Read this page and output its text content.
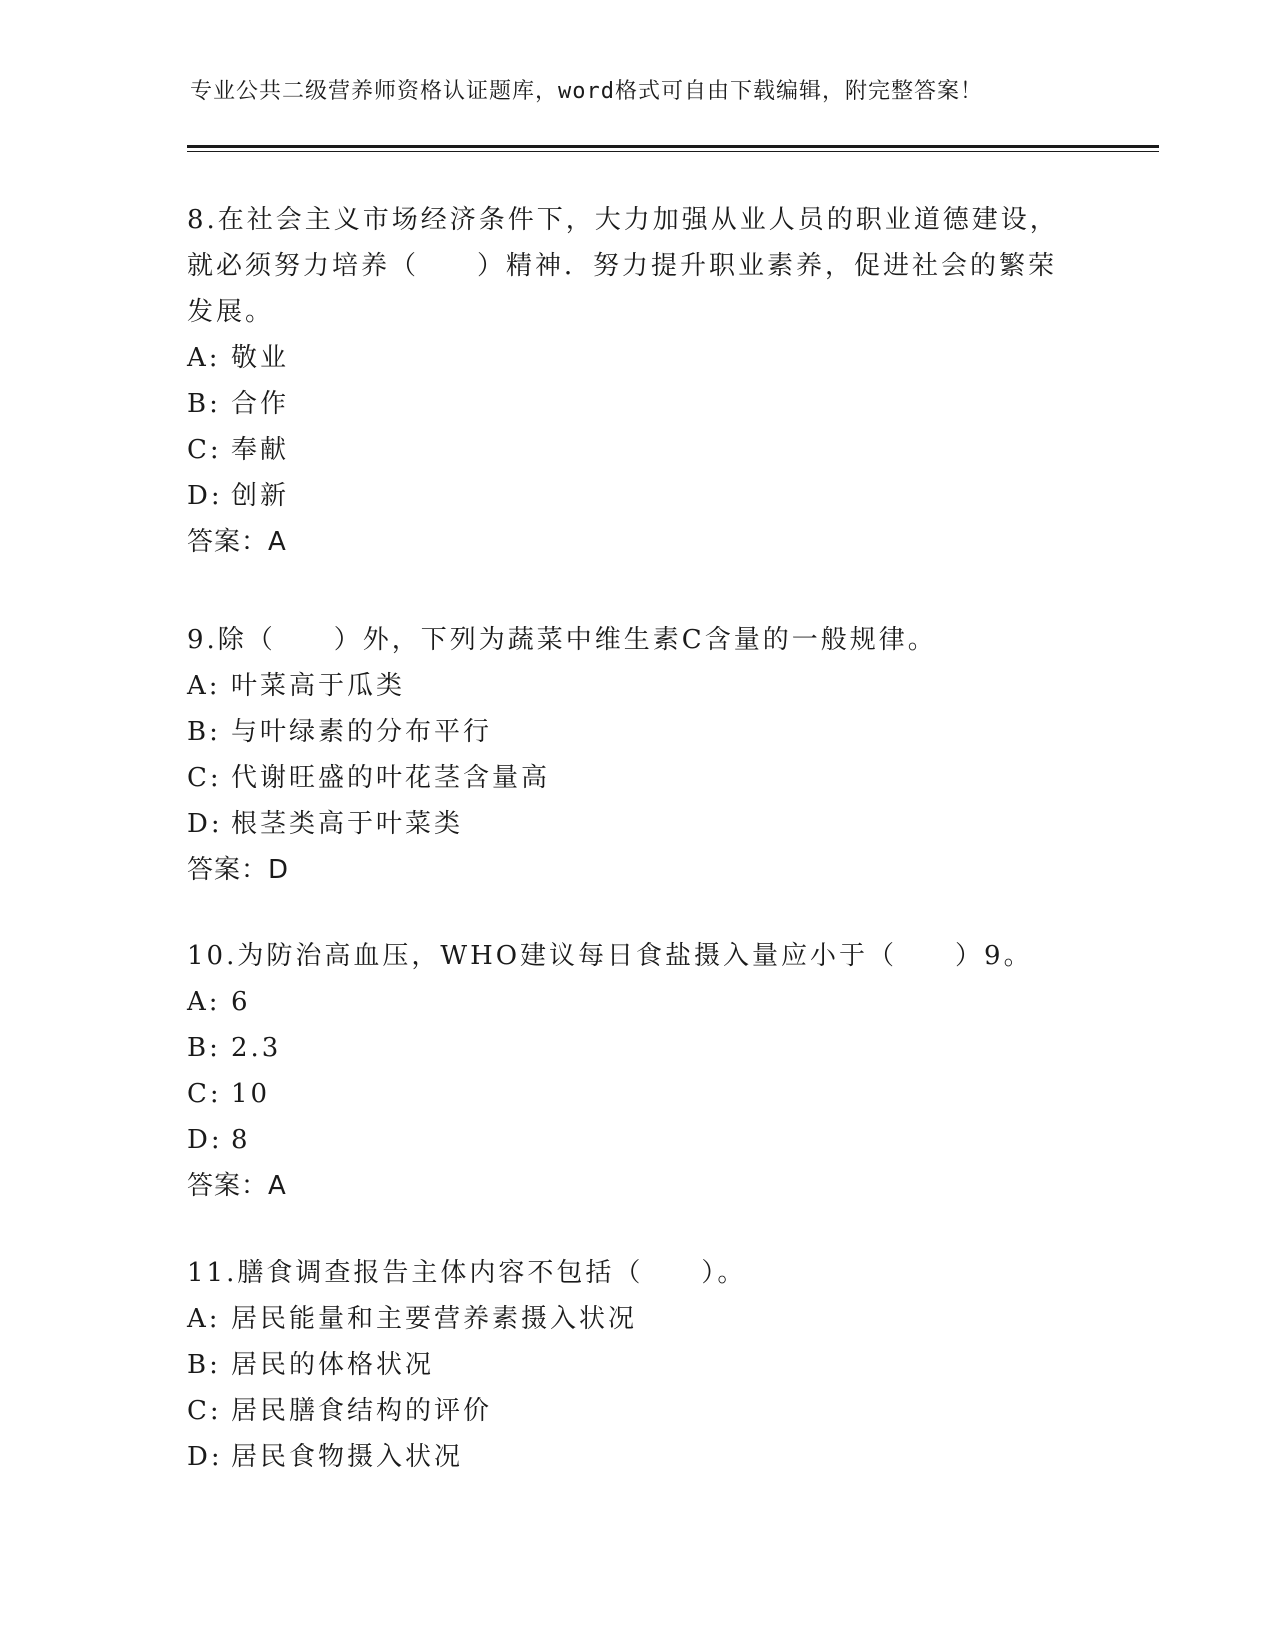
专业公共二级营养师资格认证题库，word格式可自由下载编辑，附完整答案！

8.在社会主义市场经济条件下，大力加强从业人员的职业道德建设，

就必须努力培养（　　）精神．努力提升职业素养，促进社会的繁荣

发展。

A: 敬业

B: 合作

C: 奉献

D: 创新

答案：A

9.除（　　）外，下列为蔬菜中维生素C含量的一般规律。

A: 叶菜高于瓜类

B: 与叶绿素的分布平行

C: 代谢旺盛的叶花茎含量高

D: 根茎类高于叶菜类

答案：D

10.为防治高血压，WHO建议每日食盐摄入量应小于（　　）9。

A: 6

B: 2.3

C: 10

D: 8

答案：A

11.膳食调查报告主体内容不包括（　　）。

A: 居民能量和主要营养素摄入状况

B: 居民的体格状况

C: 居民膳食结构的评价

D: 居民食物摄入状况
